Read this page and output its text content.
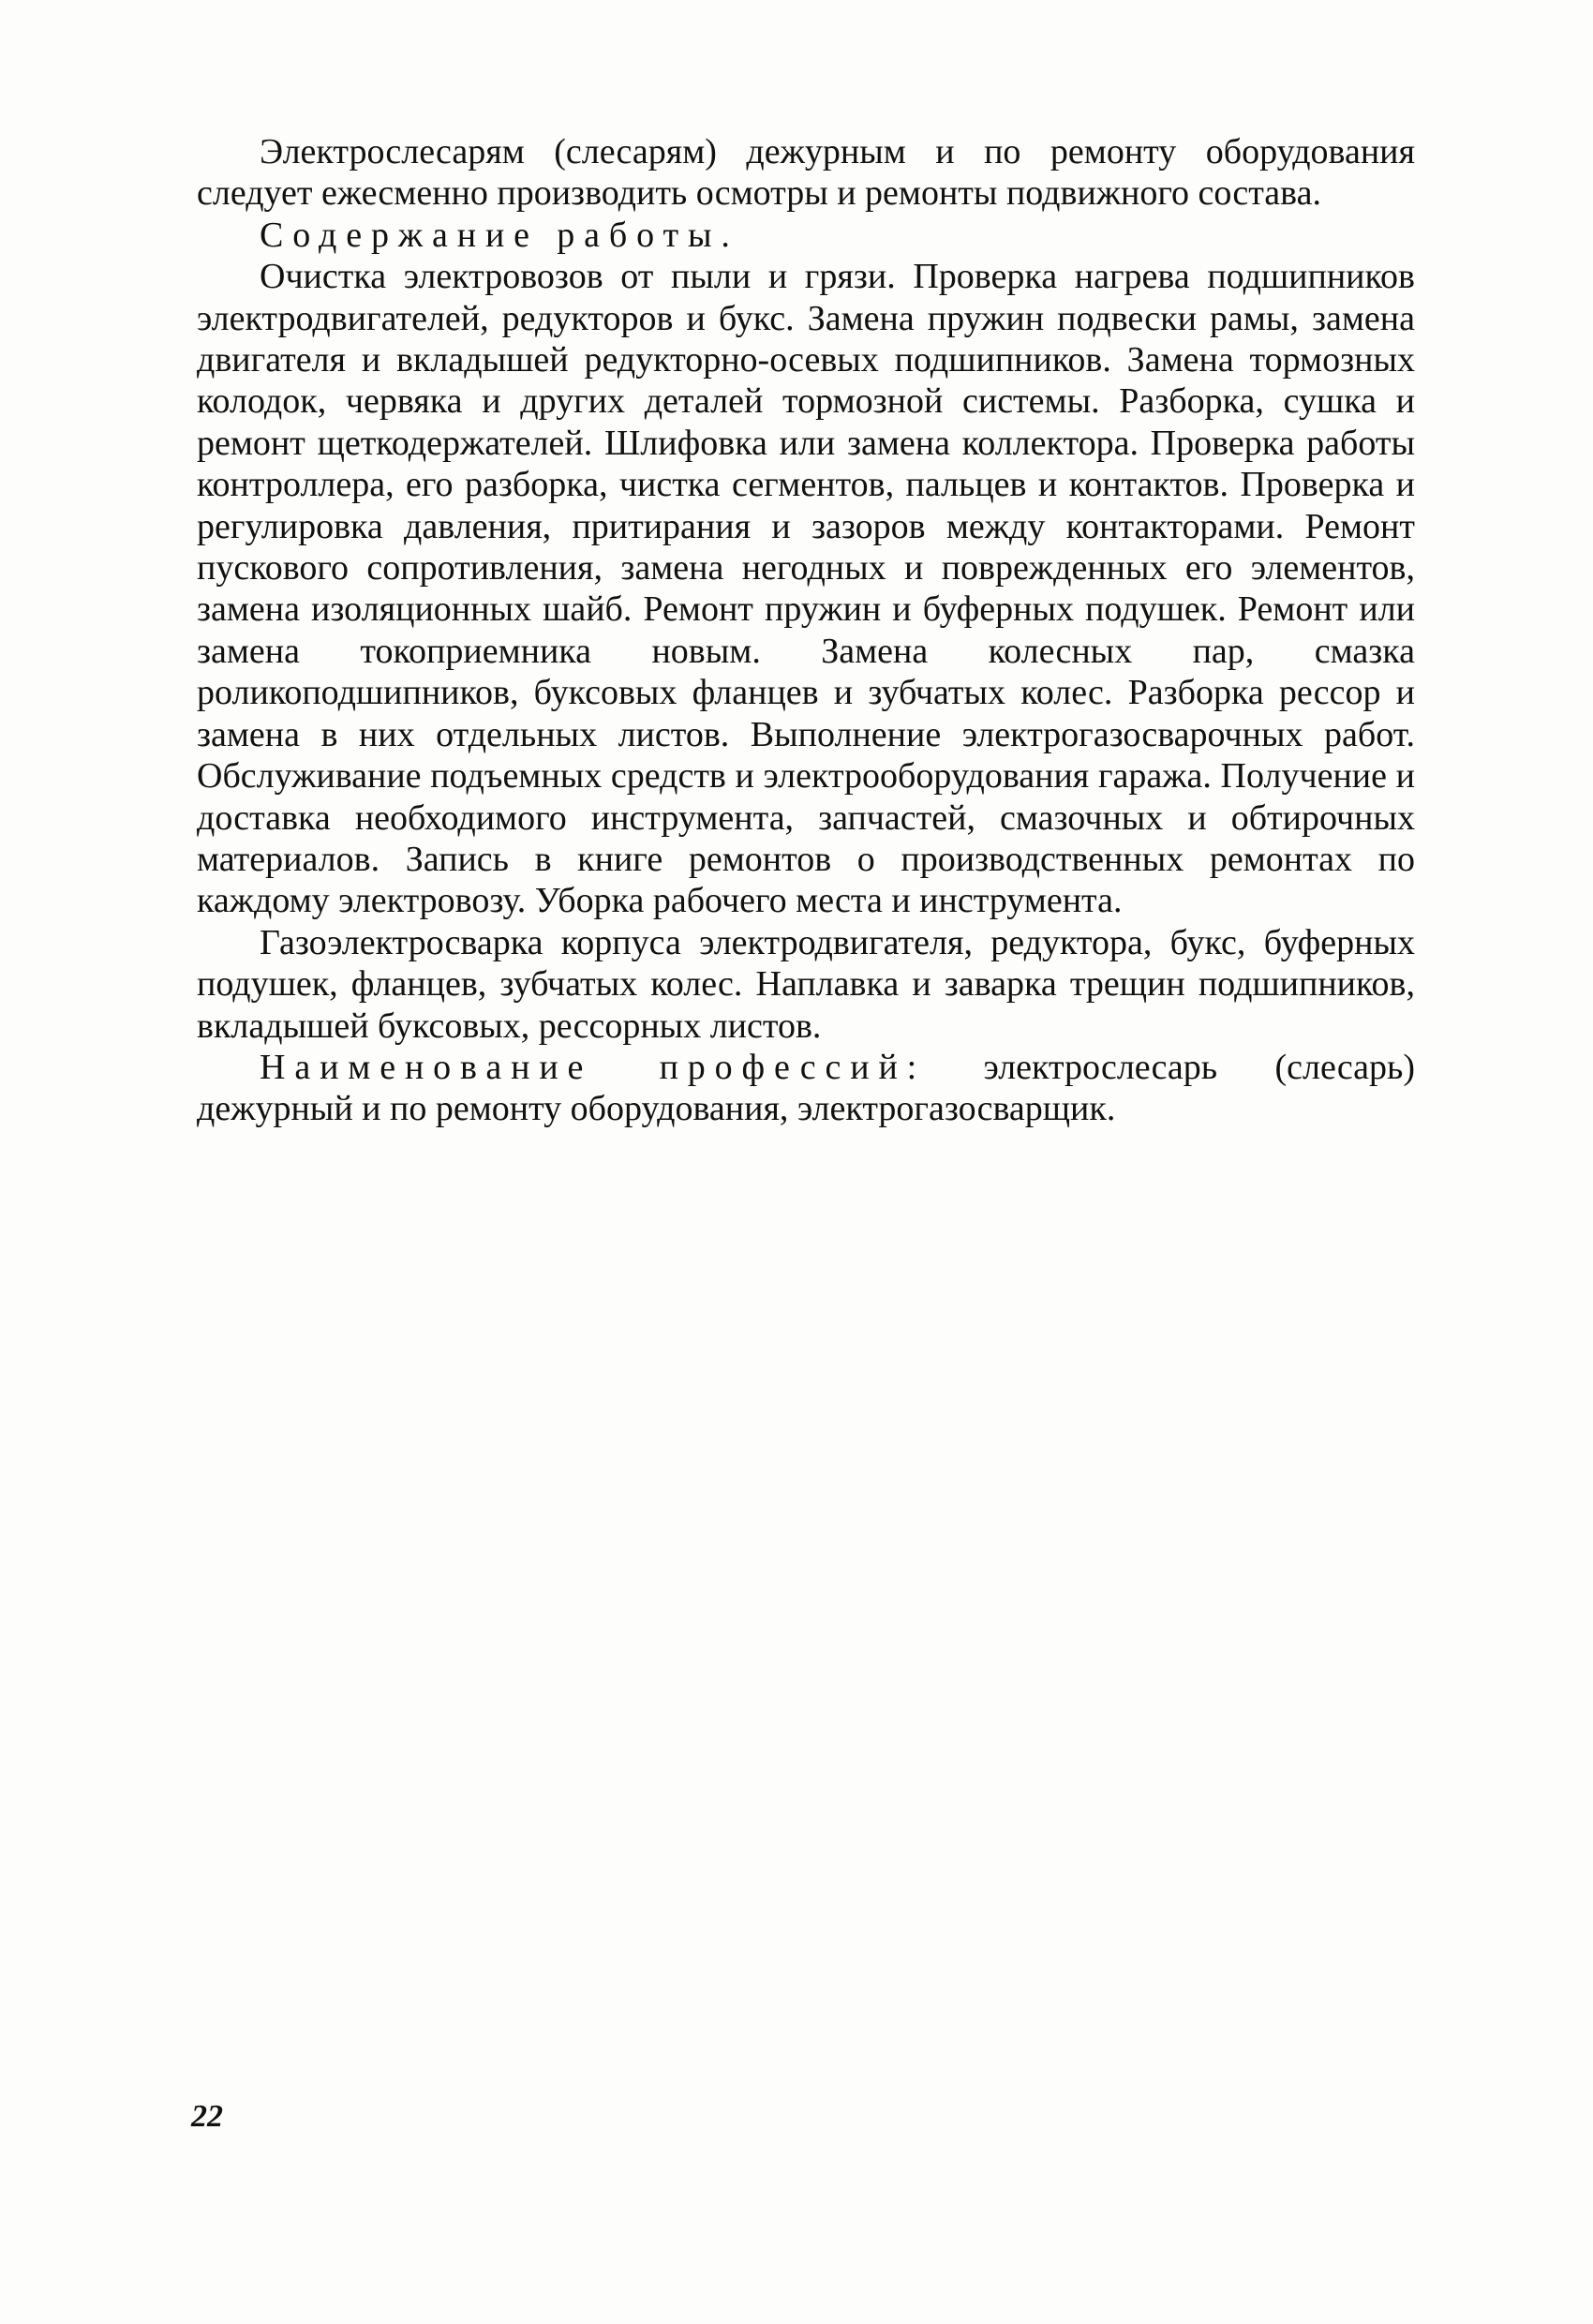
Электрослесарям (слесарям) дежурным и по ремонту оборудования следует ежесменно производить осмотры и ремонты подвижного состава.

Содержание работы.

Очистка электровозов от пыли и грязи. Проверка нагрева подшипников электродвигателей, редукторов и букс. Замена пружин подвески рамы, замена двигателя и вкладышей редукторно-осевых подшипников. Замена тормозных колодок, червяка и других деталей тормозной системы. Разборка, сушка и ремонт щеткодержателей. Шлифовка или замена коллектора. Проверка работы контроллера, его разборка, чистка сегментов, пальцев и контактов. Проверка и регулировка давления, притирания и зазоров между контакторами. Ремонт пускового сопротивления, замена негодных и поврежденных его элементов, замена изоляционных шайб. Ремонт пружин и буферных подушек. Ремонт или замена токоприемника новым. Замена колесных пар, смазка роликоподшипников, буксовых фланцев и зубчатых колес. Разборка рессор и замена в них отдельных листов. Выполнение электрогазосварочных работ. Обслуживание подъемных средств и электрооборудования гаража. Получение и доставка необходимого инструмента, запчастей, смазочных и обтирочных материалов. Запись в книге ремонтов о производственных ремонтах по каждому электровозу. Уборка рабочего места и инструмента.

Газоэлектросварка корпуса электродвигателя, редуктора, букс, буферных подушек, фланцев, зубчатых колес. Наплавка и заварка трещин подшипников, вкладышей буксовых, рессорных листов.

Наименование профессий: электрослесарь (слесарь) дежурный и по ремонту оборудования, электрогазосварщик.

22
